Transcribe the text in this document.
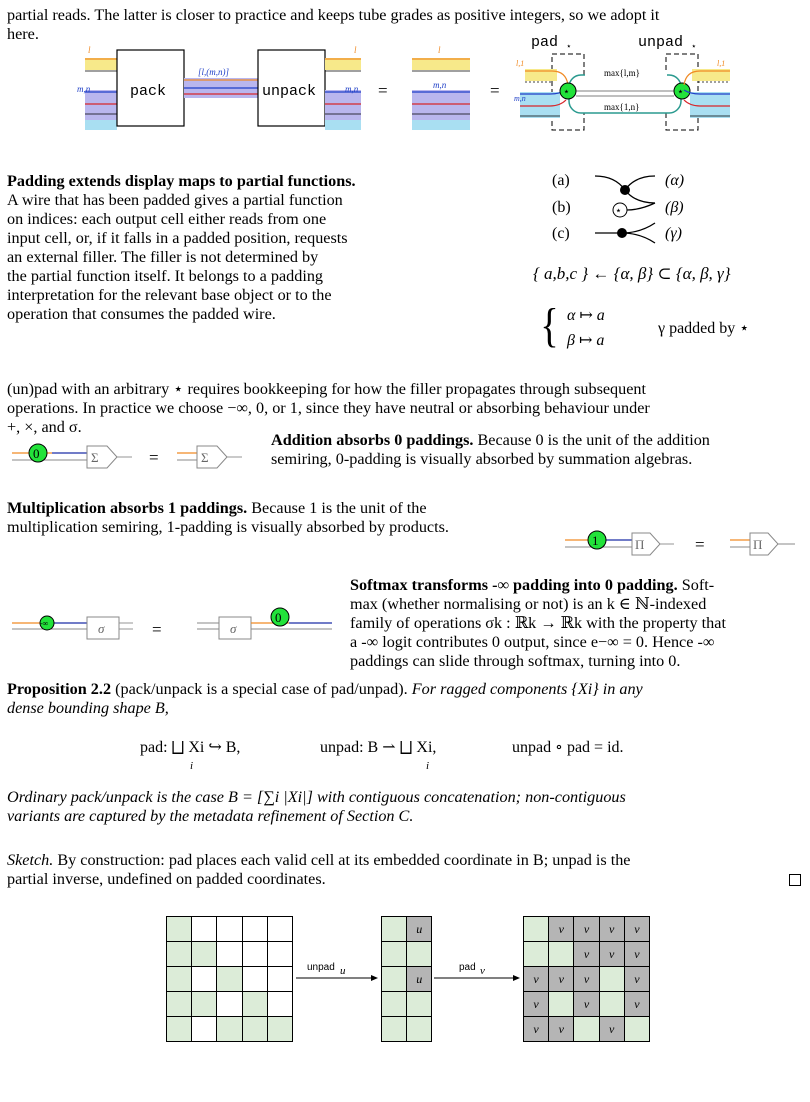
partial reads. The latter is closer to practice and keeps tube grades as positive integers, so we adopt it
here.
l
m,n	pack
[l,(m,n)]
unpack
l
m,n =
l
m,n	=
pad ⋆	unpad ⋆
l,1
m,n
max{l,m}
max{1,n}
⋆	⋆
l,1
Padding extends display maps to partial functions.
A wire that has been padded gives a partial function
on indices: each output cell either reads from one
input cell, or, if it falls in a padded position, requests
an external filler. The filler is not determined by
the partial function itself. It belongs to a padding
interpretation for the relevant base object or to the
operation that consumes the padded wire.
(a)
(b)
(c)
⋆
(α)
(β)
(γ)
{ a,b,c } ← {α, β} ⊂ {α, β, γ}
{ α ↦ a
β ↦ a
γ padded by ⋆
(un)pad with an arbitrary ⋆ requires bookkeeping for how the filler propagates through subsequent
operations. In practice we choose −∞, 0, or 1, since they have neutral or absorbing behaviour under
+, ×, and σ.
0	Σ	=	Σ
Addition absorbs 0 paddings. Because 0 is the unit of the addition
semiring, 0-padding is visually absorbed by summation algebras.
Multiplication absorbs 1 paddings. Because 1 is the unit of the
multiplication semiring, 1-padding is visually absorbed by products.
1	Π	=	Π
-∞	σ	=	σ
0
Softmax transforms -∞ padding into 0 padding. Soft-
max (whether normalising or not) is an k ∈ ℕ-indexed
family of operations σk : ℝk → ℝk with the property that
a -∞ logit contributes 0 output, since e−∞ = 0. Hence -∞
paddings can slide through softmax, turning into 0.
Proposition 2.2 (pack/unpack is a special case of pad/unpad). For ragged components {Xi} in any
dense bounding shape B,
pad: ⨆ Xi ↪ B,
i
unpad: B ⇀ ⨆ Xi,
i
unpad ∘ pad = id.
Ordinary pack/unpack is the case B = [∑i |Xi|] with contiguous concatenation; non-contiguous
variants are captured by the metadata refinement of Section C.
Sketch. By construction: pad places each valid cell at its embedded coordinate in B; unpad is the
partial inverse, undefined on padded coordinates.
u
u
v	v	v	v
v	v	v
v	v	v	v
v	v	v
v	v	v
unpad u	pad v
